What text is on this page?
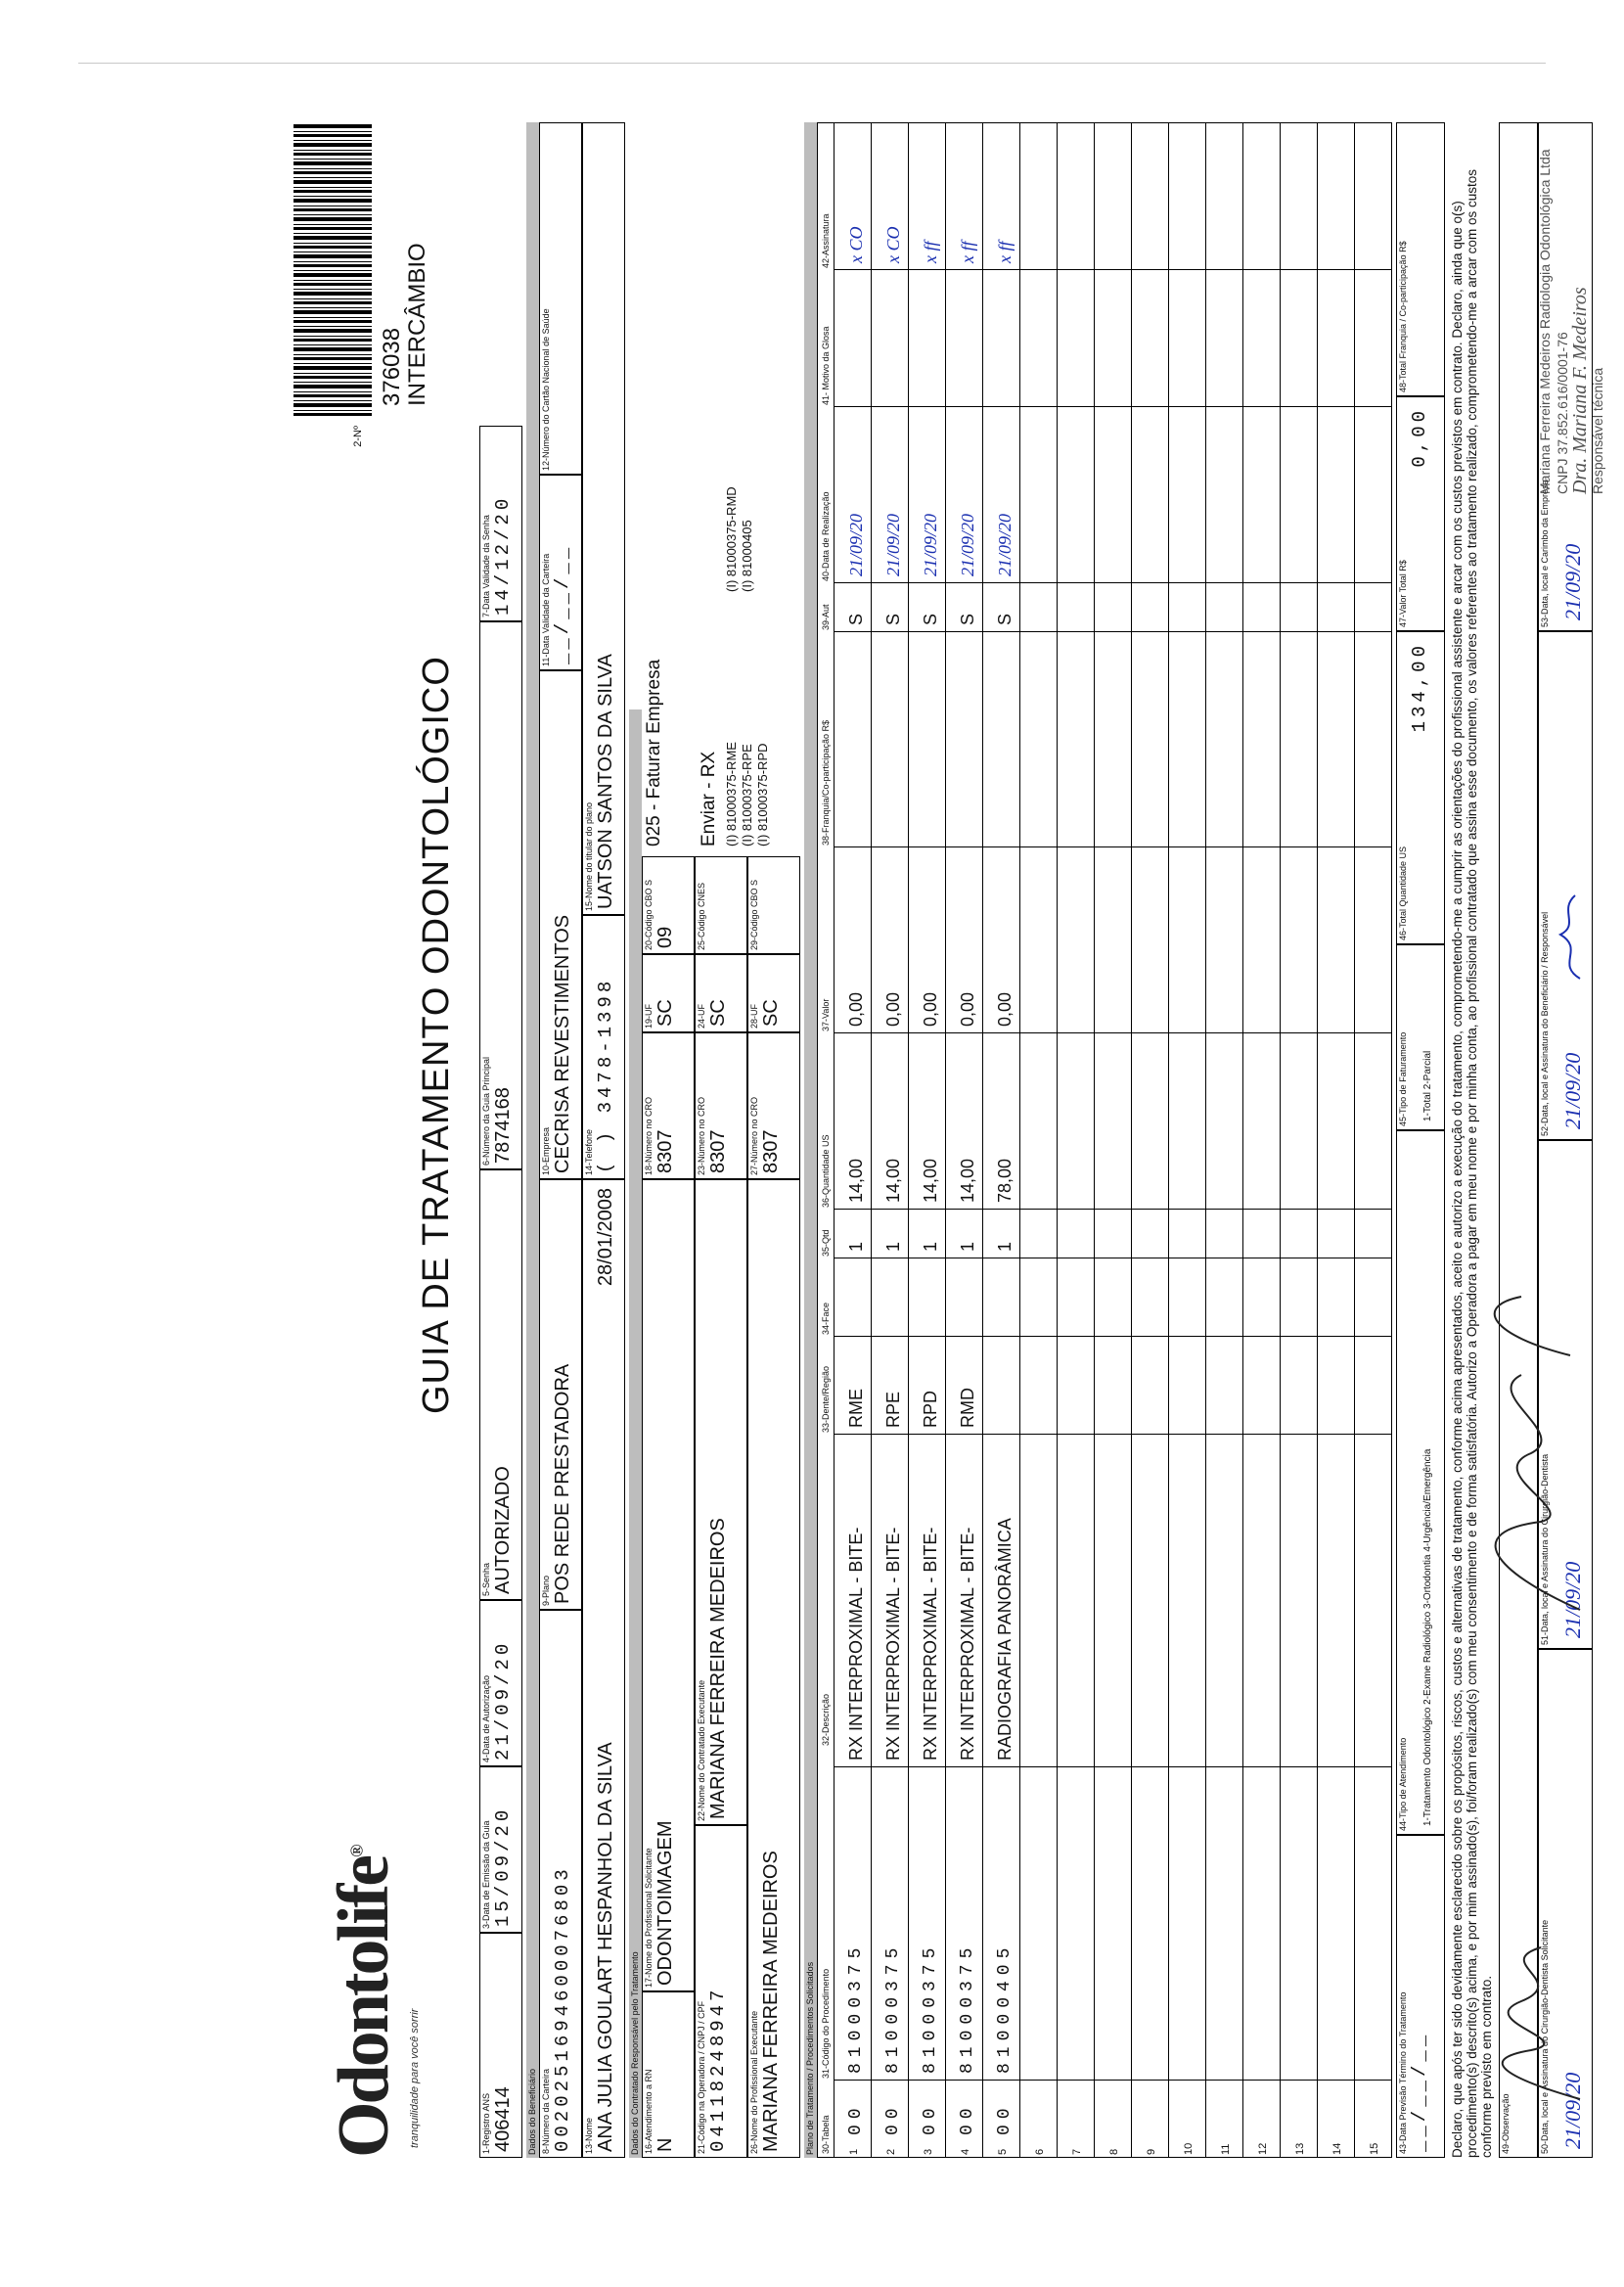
Odontolife®
tranquilidade para você sorrir
GUIA DE TRATAMENTO ODONTOLÓGICO
2-Nº
376038 INTERCÂMBIO
1-Registro ANS 406414
3-Data de Emissão da Guia 15/09/20
4-Data de Autorização 21/09/20
5-Senha AUTORIZADO
6-Número da Guia Principal 7874168
7-Data Validade da Senha 14/12/20
Dados do Beneficiário 8-Número da Carteira 0020251694600076803
9-Plano POS REDE PRESTADORA
10-Empresa CECRISA REVESTIMENTOS
11-Data Validade da Carteira __/__/__
12-Número do Cartão Nacional de Saúde
13-Nome ANA JULIA GOULART HESPANHOL DA SILVA
28/01/2008
14-Telefone ( ) 3478-1398
15-Nome do titular do plano UATSON SANTOS DA SILVA
Dados do Contratado Responsável pelo Tratamento 16-Atendimento a RN N
17-Nome do Profissional Solicitante ODONTOIMAGEM
18-Número no CRO 8307
19-UF SC
20-Código CBO S 09
025 - Faturar Empresa
21-Código na Operadora / CNPJ / CPF 04118248947
22-Nome do Contratado Executante MARIANA FERREIRA MEDEIROS
23-Número no CRO 8307
24-UF SC
25-Código CNES
Enviar - RX
26-Nome do Profissional Executante MARIANA FERREIRA MEDEIROS
27-Número no CRO 8307
28-UF SC
29-Código CBO S
(I) 81000375-RME (I) 81000375-RPE (I) 81000375-RPD
(I) 81000375-RMD (I) 81000405
Plano de Tratamento / Procedimentos Solicitados 30-Tabela
31-Código do Procedimento
32-Descrição
33-Dente/Região
34-Face
35-Qtd
36-Quantidade US
37-Valor
38-Franquia/Co-participação R$
39-Aut
40-Data de Realização
41- Motivo da Glosa
42-Assinatura
1
00
81000375
RX INTERPROXIMAL - BITE-
RME
1
14,00
0,00
S
21/09/20
x CO
2
00
81000375
RX INTERPROXIMAL - BITE-
RPE
1
14,00
0,00
S
21/09/20
x CO
3
00
81000375
RX INTERPROXIMAL - BITE-
RPD
1
14,00
0,00
S
21/09/20
x ff
4
00
81000375
RX INTERPROXIMAL - BITE-
RMD
1
14,00
0,00
S
21/09/20
x ff
5
00
81000405
RADIOGRAFIA PANORÂMICA
1
78,00
0,00
S
21/09/20
x ff
6 7 8 9 10 11 12 13 14 15 43-Data Previsão Término do Tratamento __/__/__
44-Tipo de Atendimento 1-Tratamento Odontológico 2-Exame Radiológico 3-Ortodontia 4-Urgência/Emergência
45-Tipo de Faturamento 1-Total 2-Parcial
46-Total Quantidade US
134,00
47-Valor Total R$
0,00
48-Total Franquia / Co-participação R$	Declaro, que após ter sido devidamente esclarecido sobre os propósitos, riscos, custos e alternativas de tratamento, conforme acima apresentados, aceito e autorizo a execução do tratamento, comprometendo-me a cumprir as orientações do profissional assistente e arcar com os custos previstos em contrato. Declaro, ainda que o(s) procedimento(s) descrito(s) acima, e por mim assinado(s), foi/foram realizado(s) com meu consentimento e de forma satisfatória. Autorizo a Operadora a pagar em meu nome e por minha conta, ao profissional contratado que assina esse documento, os valores referentes ao tratamento realizado, comprometendo-me a arcar com os custos conforme previsto em contrato. 49-Observação	50-Data, local e Assinatura do Cirurgião-Dentista Solicitante 21/09/20
51-Data, local e Assinatura do Cirurgião-Dentista 21/09/20
52-Data, local e Assinatura do Beneficiário / Responsável 21/09/20
53-Data, local e Carimbo da Empresa 21/09/20
Mariana Ferreira Medeiros Radiologia Odontológica Ltda CNPJ 37.852.616/0001-76 Dra. Mariana F. Medeiros Responsável técnica
